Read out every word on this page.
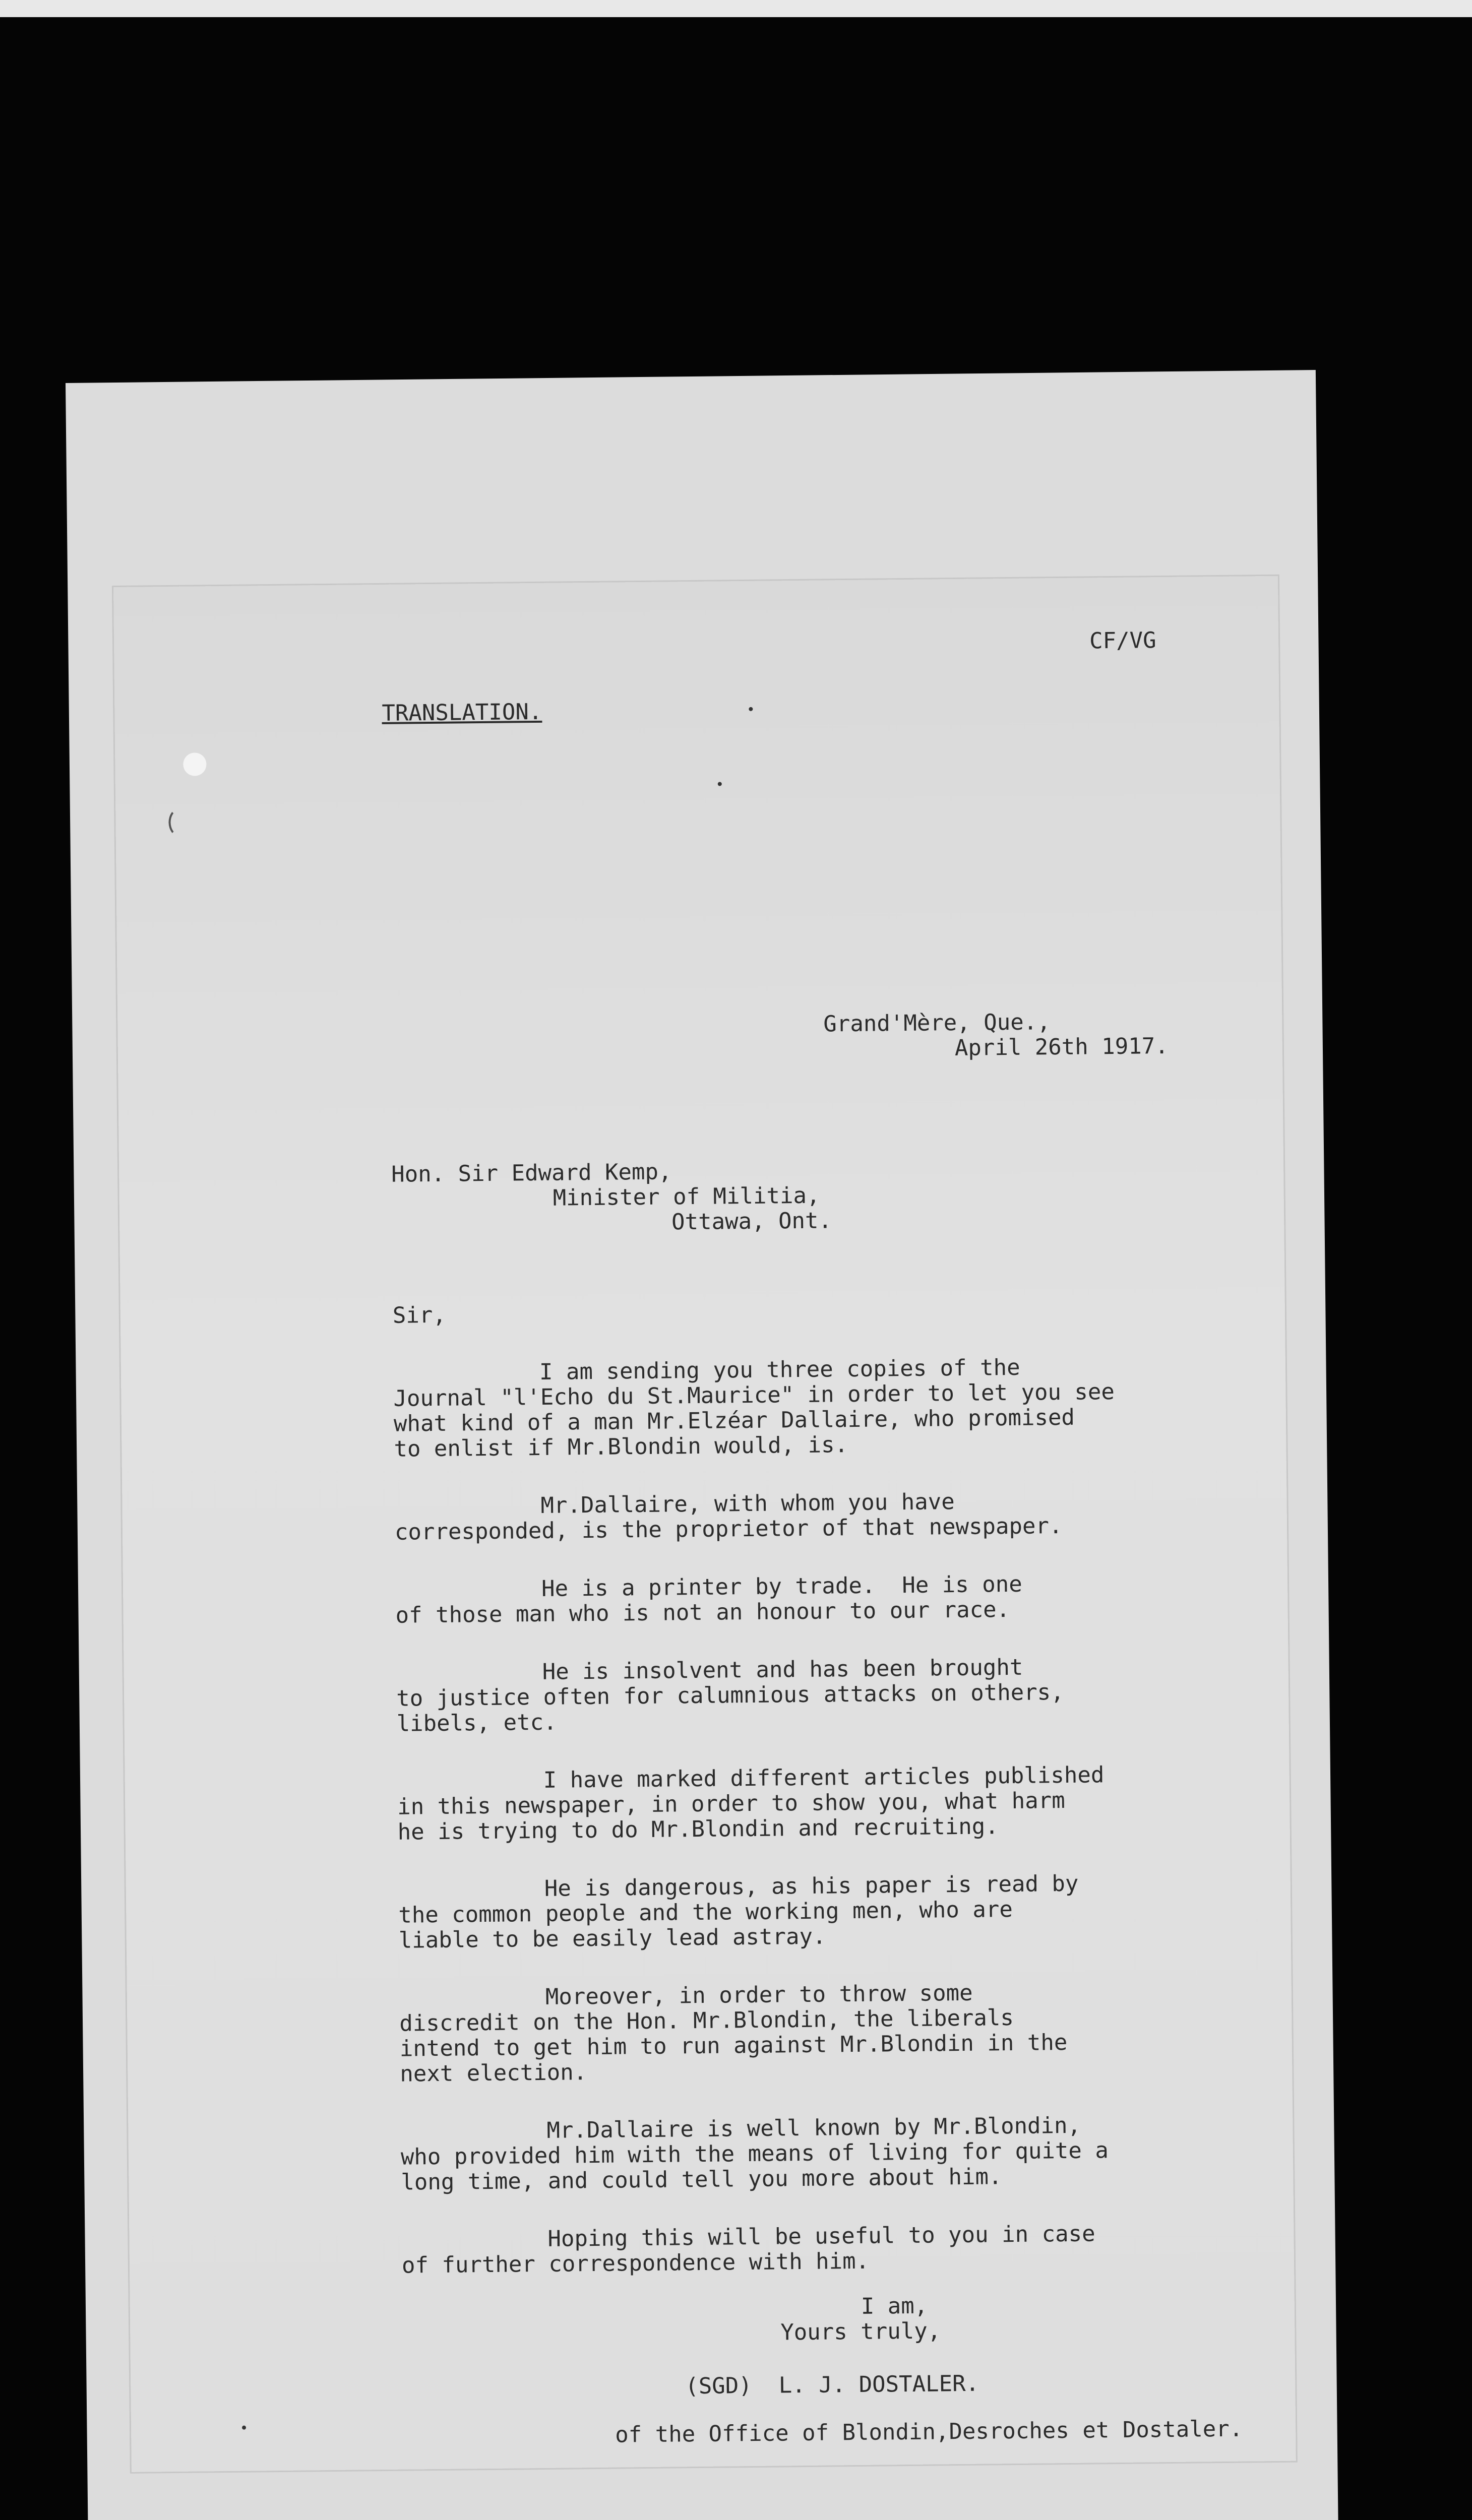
CF/VG
TRANSLATION.
Grand'Mère, Que.,
April 26th 1917.
Hon. Sir Edward Kemp,
Minister of Militia,
Ottawa, Ont.
Sir,
I am sending you three copies of the
Journal "l'Echo du St.Maurice" in order to let you see
what kind of a man Mr.Elzéar Dallaire, who promised
to enlist if Mr.Blondin would, is.
Mr.Dallaire, with whom you have
corresponded, is the proprietor of that newspaper.
He is a printer by trade.  He is one
of those man who is not an honour to our race.
He is insolvent and has been brought
to justice often for calumnious attacks on others,
libels, etc.
I have marked different articles published
in this newspaper, in order to show you, what harm
he is trying to do Mr.Blondin and recruiting.
He is dangerous, as his paper is read by
the common people and the working men, who are
liable to be easily lead astray.
Moreover, in order to throw some
discredit on the Hon. Mr.Blondin, the liberals
intend to get him to run against Mr.Blondin in the
next election.
Mr.Dallaire is well known by Mr.Blondin,
who provided him with the means of living for quite a
long time, and could tell you more about him.
Hoping this will be useful to you in case
of further correspondence with him.
I am,
Yours truly,
(SGD)  L. J. DOSTALER.
of the Office of Blondin,Desroches et Dostaler.
